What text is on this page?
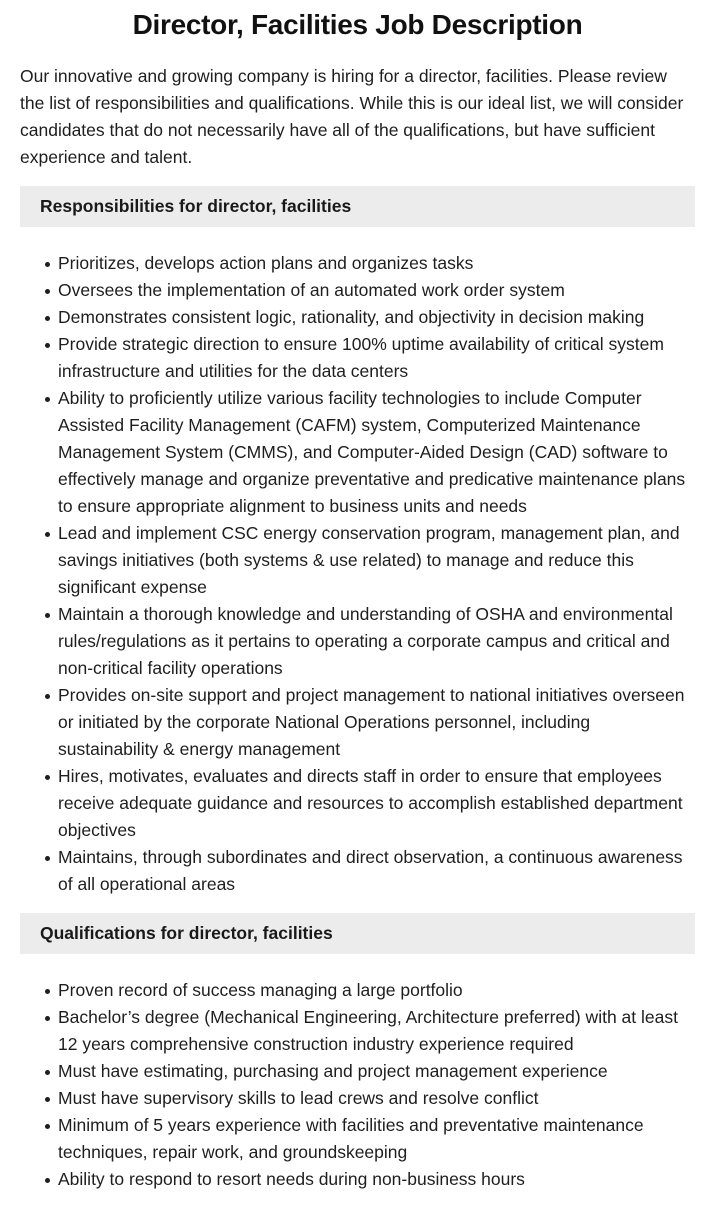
Director, Facilities Job Description

Our innovative and growing company is hiring for a director, facilities. Please review the list of responsibilities and qualifications. While this is our ideal list, we will consider candidates that do not necessarily have all of the qualifications, but have sufficient experience and talent.

Responsibilities for director, facilities
Prioritizes, develops action plans and organizes tasks
Oversees the implementation of an automated work order system
Demonstrates consistent logic, rationality, and objectivity in decision making
Provide strategic direction to ensure 100% uptime availability of critical system infrastructure and utilities for the data centers
Ability to proficiently utilize various facility technologies to include Computer Assisted Facility Management (CAFM) system, Computerized Maintenance Management System (CMMS), and Computer-Aided Design (CAD) software to effectively manage and organize preventative and predicative maintenance plans to ensure appropriate alignment to business units and needs
Lead and implement CSC energy conservation program, management plan, and savings initiatives (both systems & use related) to manage and reduce this significant expense
Maintain a thorough knowledge and understanding of OSHA and environmental rules/regulations as it pertains to operating a corporate campus and critical and non-critical facility operations
Provides on-site support and project management to national initiatives overseen or initiated by the corporate National Operations personnel, including sustainability & energy management
Hires, motivates, evaluates and directs staff in order to ensure that employees receive adequate guidance and resources to accomplish established department objectives
Maintains, through subordinates and direct observation, a continuous awareness of all operational areas
Qualifications for director, facilities
Proven record of success managing a large portfolio
Bachelor’s degree (Mechanical Engineering, Architecture preferred) with at least 12 years comprehensive construction industry experience required
Must have estimating, purchasing and project management experience
Must have supervisory skills to lead crews and resolve conflict
Minimum of 5 years experience with facilities and preventative maintenance techniques, repair work, and groundskeeping
Ability to respond to resort needs during non-business hours
